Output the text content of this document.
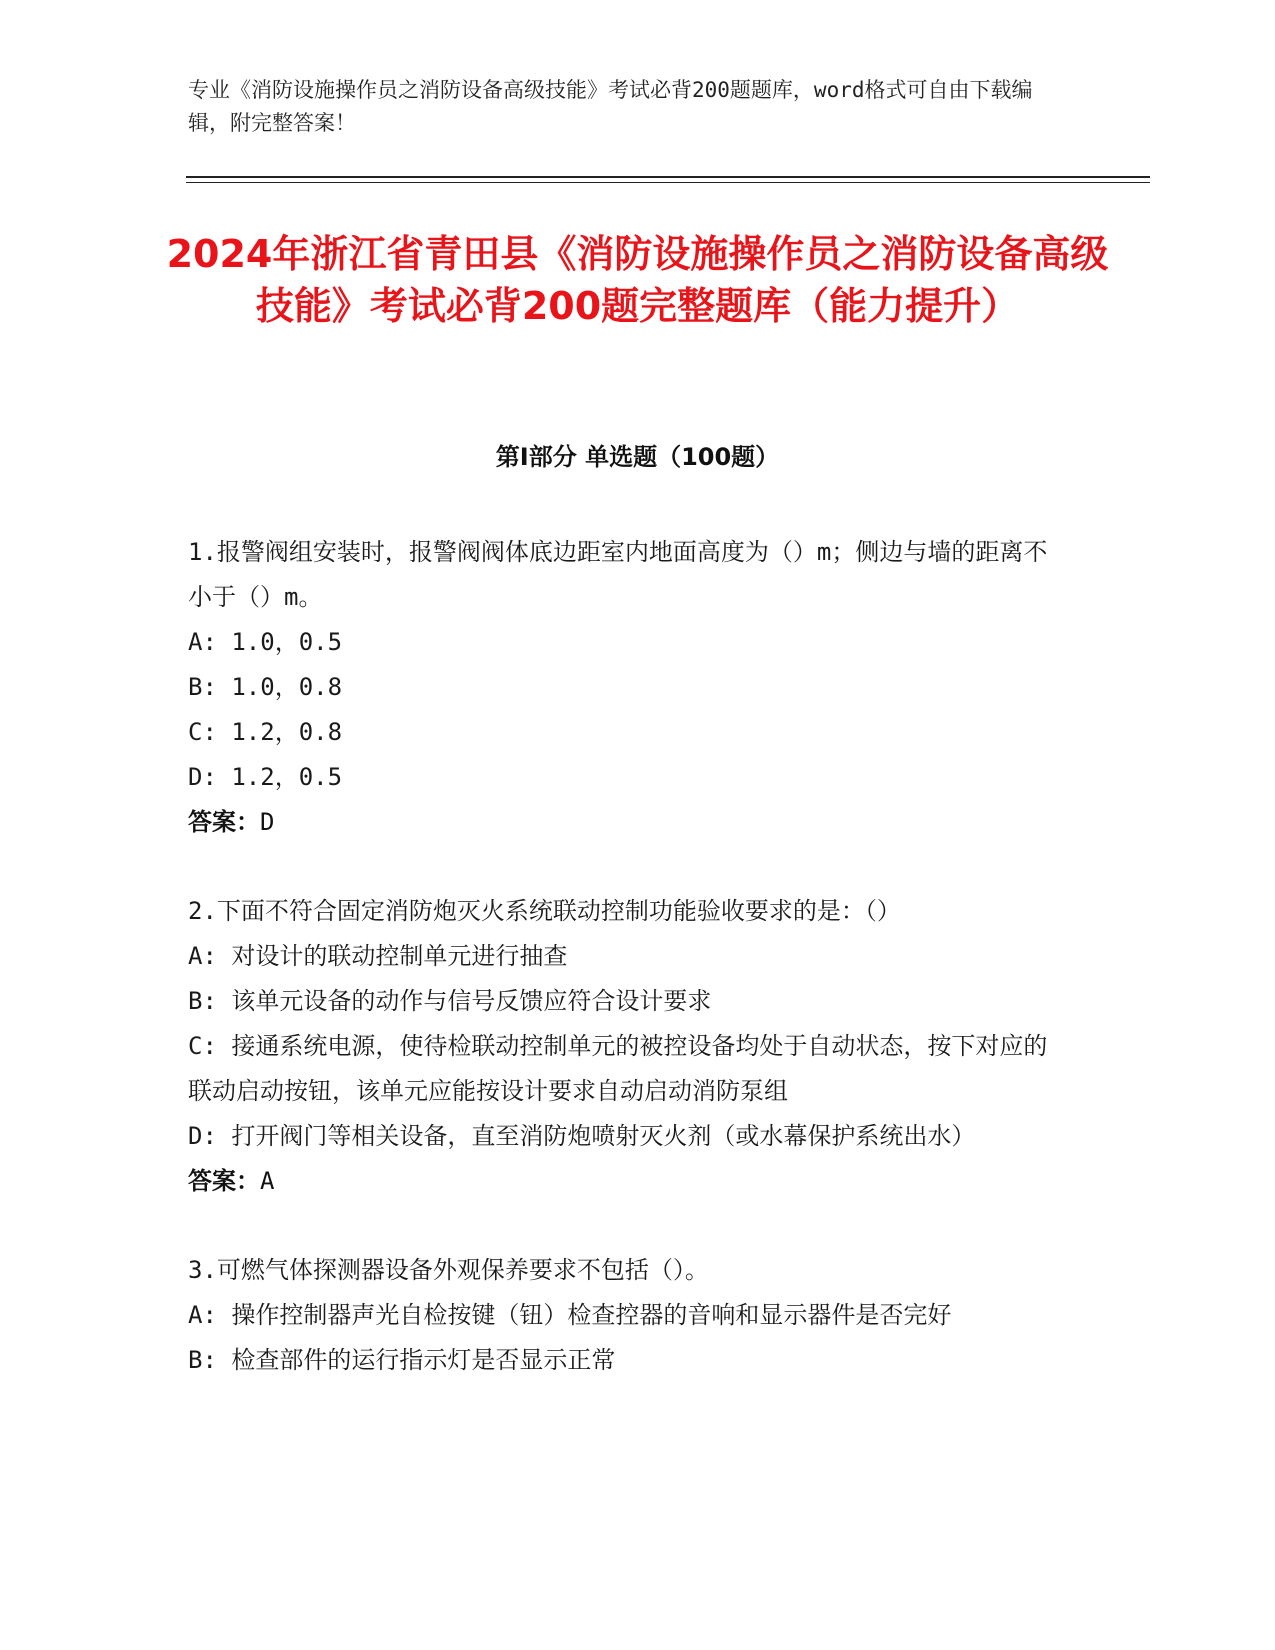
专业《消防设施操作员之消防设备高级技能》考试必背200题题库，word格式可自由下载编辑，附完整答案！
2024年浙江省青田县《消防设施操作员之消防设备高级技能》考试必背200题完整题库（能力提升）
第I部分 单选题（100题）

1.报警阀组安装时，报警阀阀体底边距室内地面高度为（）m；侧边与墙的距离不小于（）m。

A: 1.0，0.5

B: 1.0，0.8

C: 1.2，0.8

D: 1.2，0.5

答案：D

2.下面不符合固定消防炮灭火系统联动控制功能验收要求的是：（）

A: 对设计的联动控制单元进行抽查

B: 该单元设备的动作与信号反馈应符合设计要求

C: 接通系统电源，使待检联动控制单元的被控设备均处于自动状态，按下对应的联动启动按钮，该单元应能按设计要求自动启动消防泵组

D: 打开阀门等相关设备，直至消防炮喷射灭火剂（或水幕保护系统出水）

答案：A

3.可燃气体探测器设备外观保养要求不包括（）。

A: 操作控制器声光自检按键（钮）检查控器的音响和显示器件是否完好

B: 检查部件的运行指示灯是否显示正常
